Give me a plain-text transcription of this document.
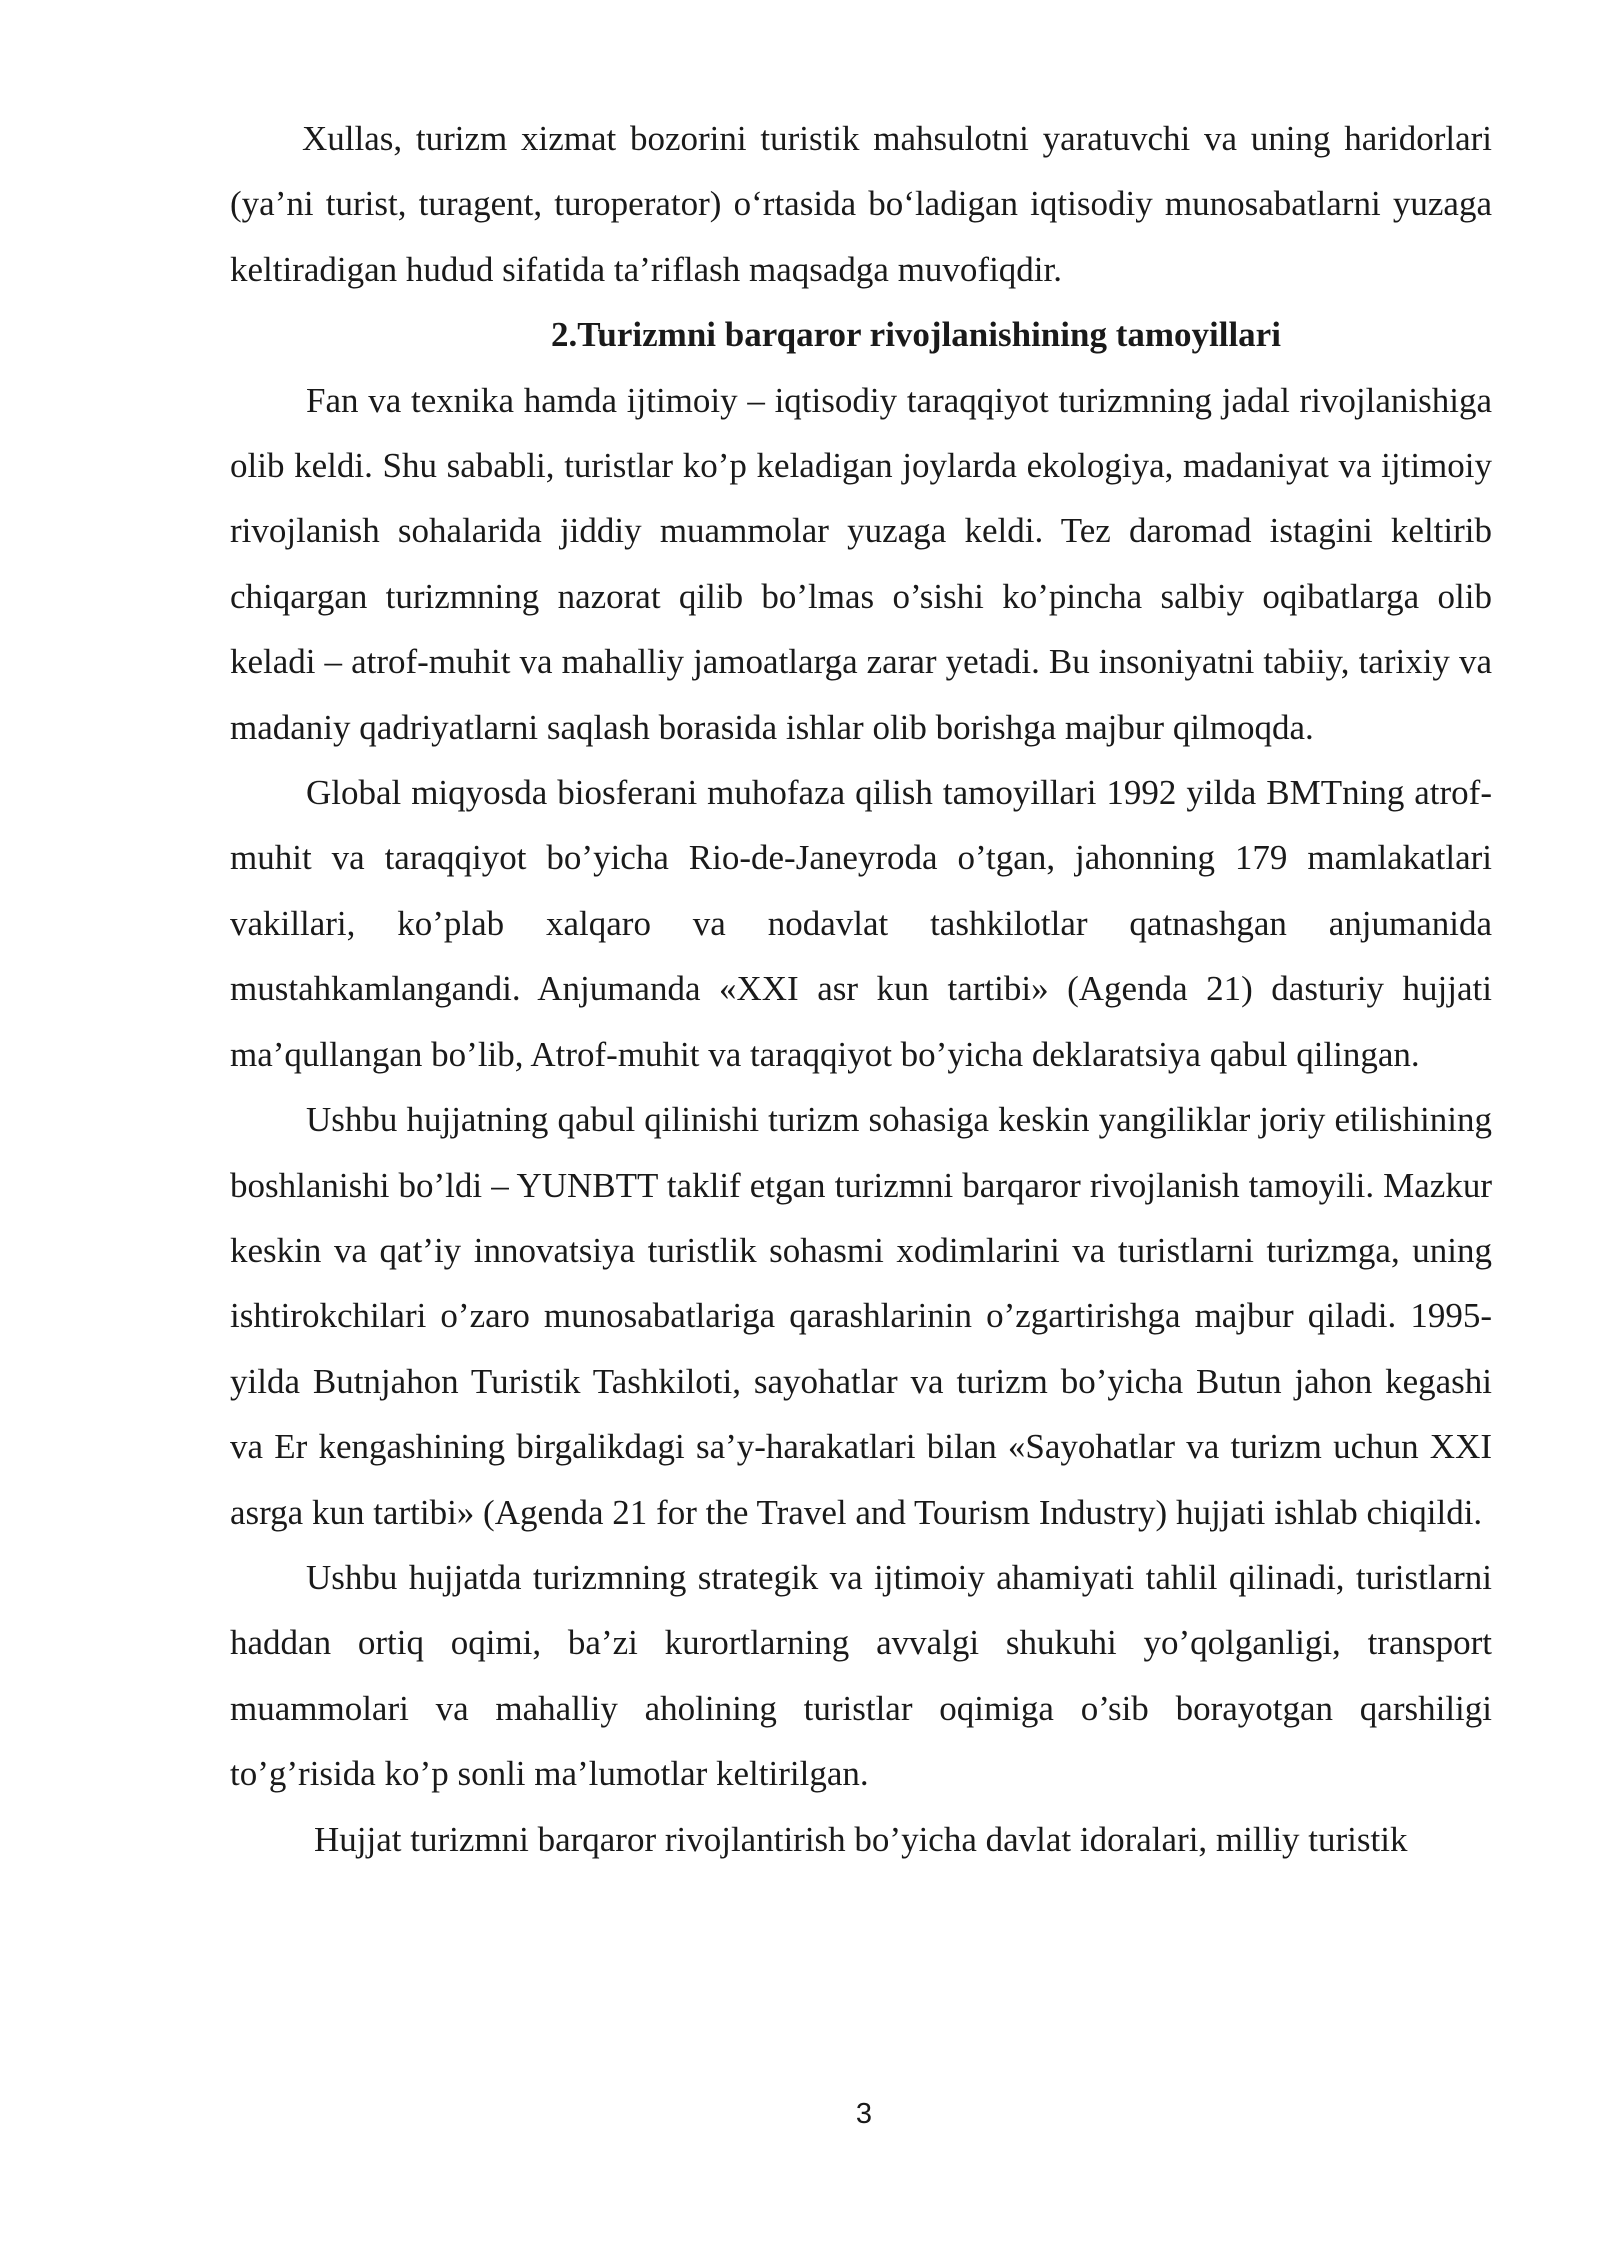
Xullas, turizm xizmat bozorini turistik mahsulotni yaratuvchi va uning haridorlari (ya’ni turist, turagent, turoperator) o‘rtasida bo‘ladigan iqtisodiy munosabatlarni yuzaga keltiradigan hudud sifatida ta’riflash maqsadga muvofiqdir.

2.Turizmni barqaror rivojlanishining tamoyillari

Fan va texnika hamda ijtimoiy – iqtisodiy taraqqiyot turizmning jadal rivojlanishiga olib keldi. Shu sababli, turistlar ko’p keladigan joylarda ekologiya, madaniyat va ijtimoiy rivojlanish sohalarida jiddiy muammolar yuzaga keldi. Tez daromad istagini keltirib chiqargan turizmning nazorat qilib bo’lmas o’sishi ko’pincha salbiy oqibatlarga olib keladi – atrof-muhit va mahalliy jamoatlarga zarar yetadi. Bu insoniyatni tabiiy, tarixiy va madaniy qadriyatlarni saqlash borasida ishlar olib borishga majbur qilmoqda.

Global miqyosda biosferani muhofaza qilish tamoyillari 1992 yilda BMTning atrof-muhit va taraqqiyot bo’yicha Rio-de-Janeyroda o’tgan, jahonning 179 mamlakatlari vakillari, ko’plab xalqaro va nodavlat tashkilotlar qatnashgan anjumanida mustahkamlangandi. Anjumanda «XXI asr kun tartibi» (Agenda 21) dasturiy hujjati ma’qullangan bo’lib, Atrof-muhit va taraqqiyot bo’yicha deklaratsiya qabul qilingan.

Ushbu hujjatning qabul qilinishi turizm sohasiga keskin yangiliklar joriy etilishining boshlanishi bo’ldi – YUNBTT taklif etgan turizmni barqaror rivojlanish tamoyili. Mazkur keskin va qat’iy innovatsiya turistlik sohasmi xodimlarini va turistlarni turizmga, uning ishtirokchilari o’zaro munosabatlariga qarashlarinin o’zgartirishga majbur qiladi. 1995-yilda Butnjahon Turistik Tashkiloti, sayohatlar va turizm bo’yicha Butun jahon kegashi va Er kengashining birgalikdagi sa’y-harakatlari bilan «Sayohatlar va turizm uchun XXI asrga kun tartibi» (Agenda 21 for the Travel and Tourism Industry) hujjati ishlab chiqildi.

Ushbu hujjatda turizmning strategik va ijtimoiy ahamiyati tahlil qilinadi, turistlarni haddan ortiq oqimi, ba’zi kurortlarning avvalgi shukuhi yo’qolganligi, transport muammolari va mahalliy aholining turistlar oqimiga o’sib borayotgan qarshiligi to’g’risida ko’p sonli ma’lumotlar keltirilgan.

Hujjat turizmni barqaror rivojlantirish bo’yicha davlat idoralari, milliy turistik

3
